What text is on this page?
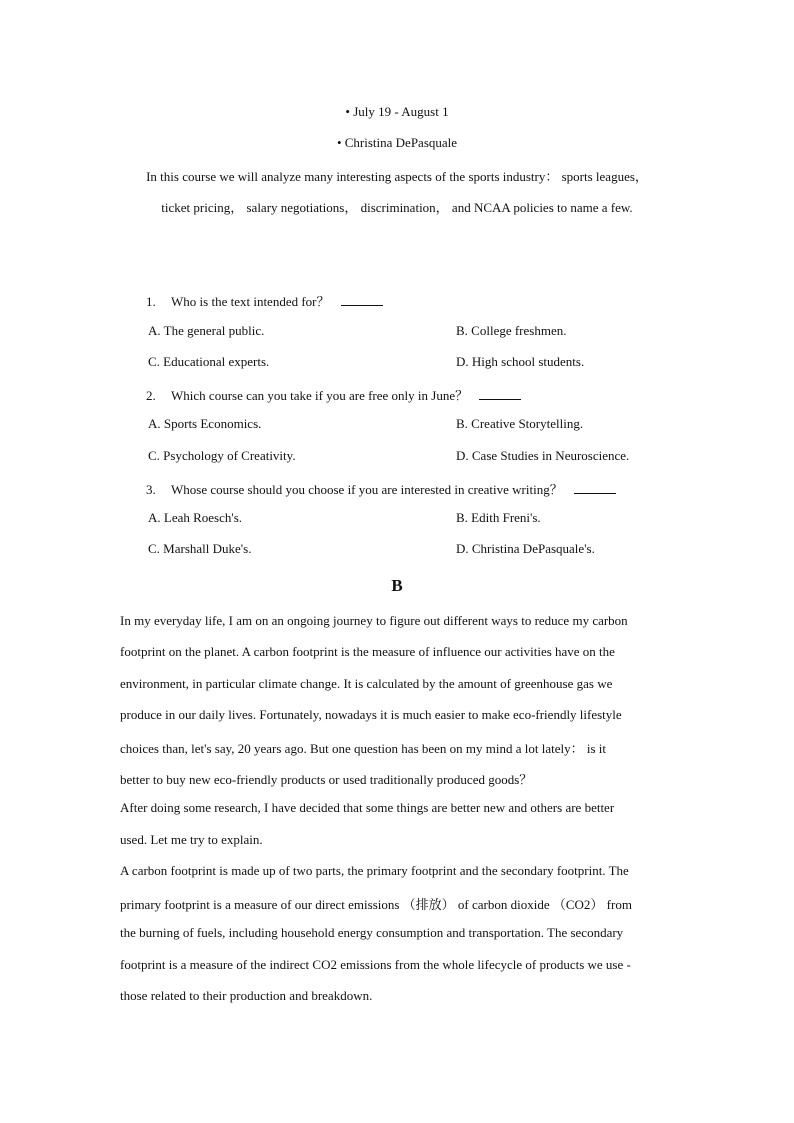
• July 19 - August 1
• Christina DePasquale
In this course we will analyze many interesting aspects of the sports industry： sports leagues，
ticket pricing， salary negotiations， discrimination， and NCAA policies to name a few.
1. Who is the text intended for？
A. The general public.	B. College freshmen.
C. Educational experts.	D. High school students.
2. Which course can you take if you are free only in June？
A. Sports Economics.	B. Creative Storytelling.
C. Psychology of Creativity.	D. Case Studies in Neuroscience.
3. Whose course should you choose if you are interested in creative writing？
A. Leah Roesch's.	B. Edith Freni's.
C. Marshall Duke's.	D. Christina DePasquale's.
B
In my everyday life, I am on an ongoing journey to figure out different ways to reduce my carbon
footprint on the planet. A carbon footprint is the measure of influence our activities have on the
environment, in particular climate change. It is calculated by the amount of greenhouse gas we
produce in our daily lives. Fortunately, nowadays it is much easier to make eco-friendly lifestyle
choices than, let's say, 20 years ago. But one question has been on my mind a lot lately： is it
better to buy new eco-friendly products or used traditionally produced goods？
After doing some research, I have decided that some things are better new and others are better
used. Let me try to explain.
A carbon footprint is made up of two parts, the primary footprint and the secondary footprint. The
primary footprint is a measure of our direct emissions （排放） of carbon dioxide （CO2） from
the burning of fuels, including household energy consumption and transportation. The secondary
footprint is a measure of the indirect CO2 emissions from the whole lifecycle of products we use -
those related to their production and breakdown.
